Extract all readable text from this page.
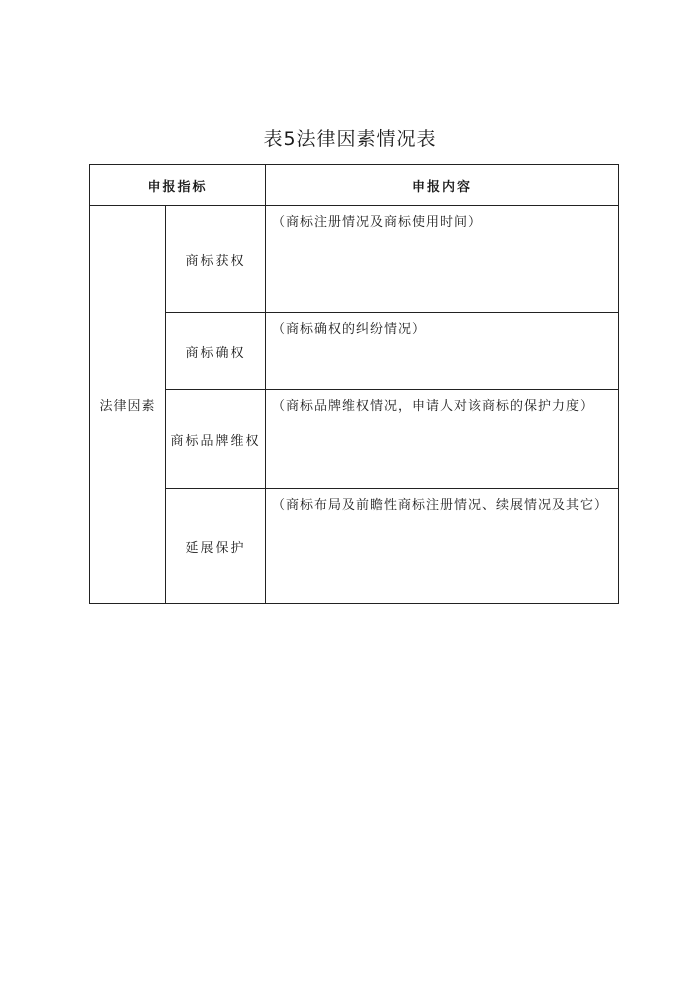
表5法律因素情况表
申报指标		申报内容
法律因素	商标获权	（商标注册情况及商标使用时间）
	商标确权	（商标确权的纠纷情况）
	商标品牌维权	（商标品牌维权情况，申请人对该商标的保护力度）
	延展保护	（商标布局及前瞻性商标注册情况、续展情况及其它）
